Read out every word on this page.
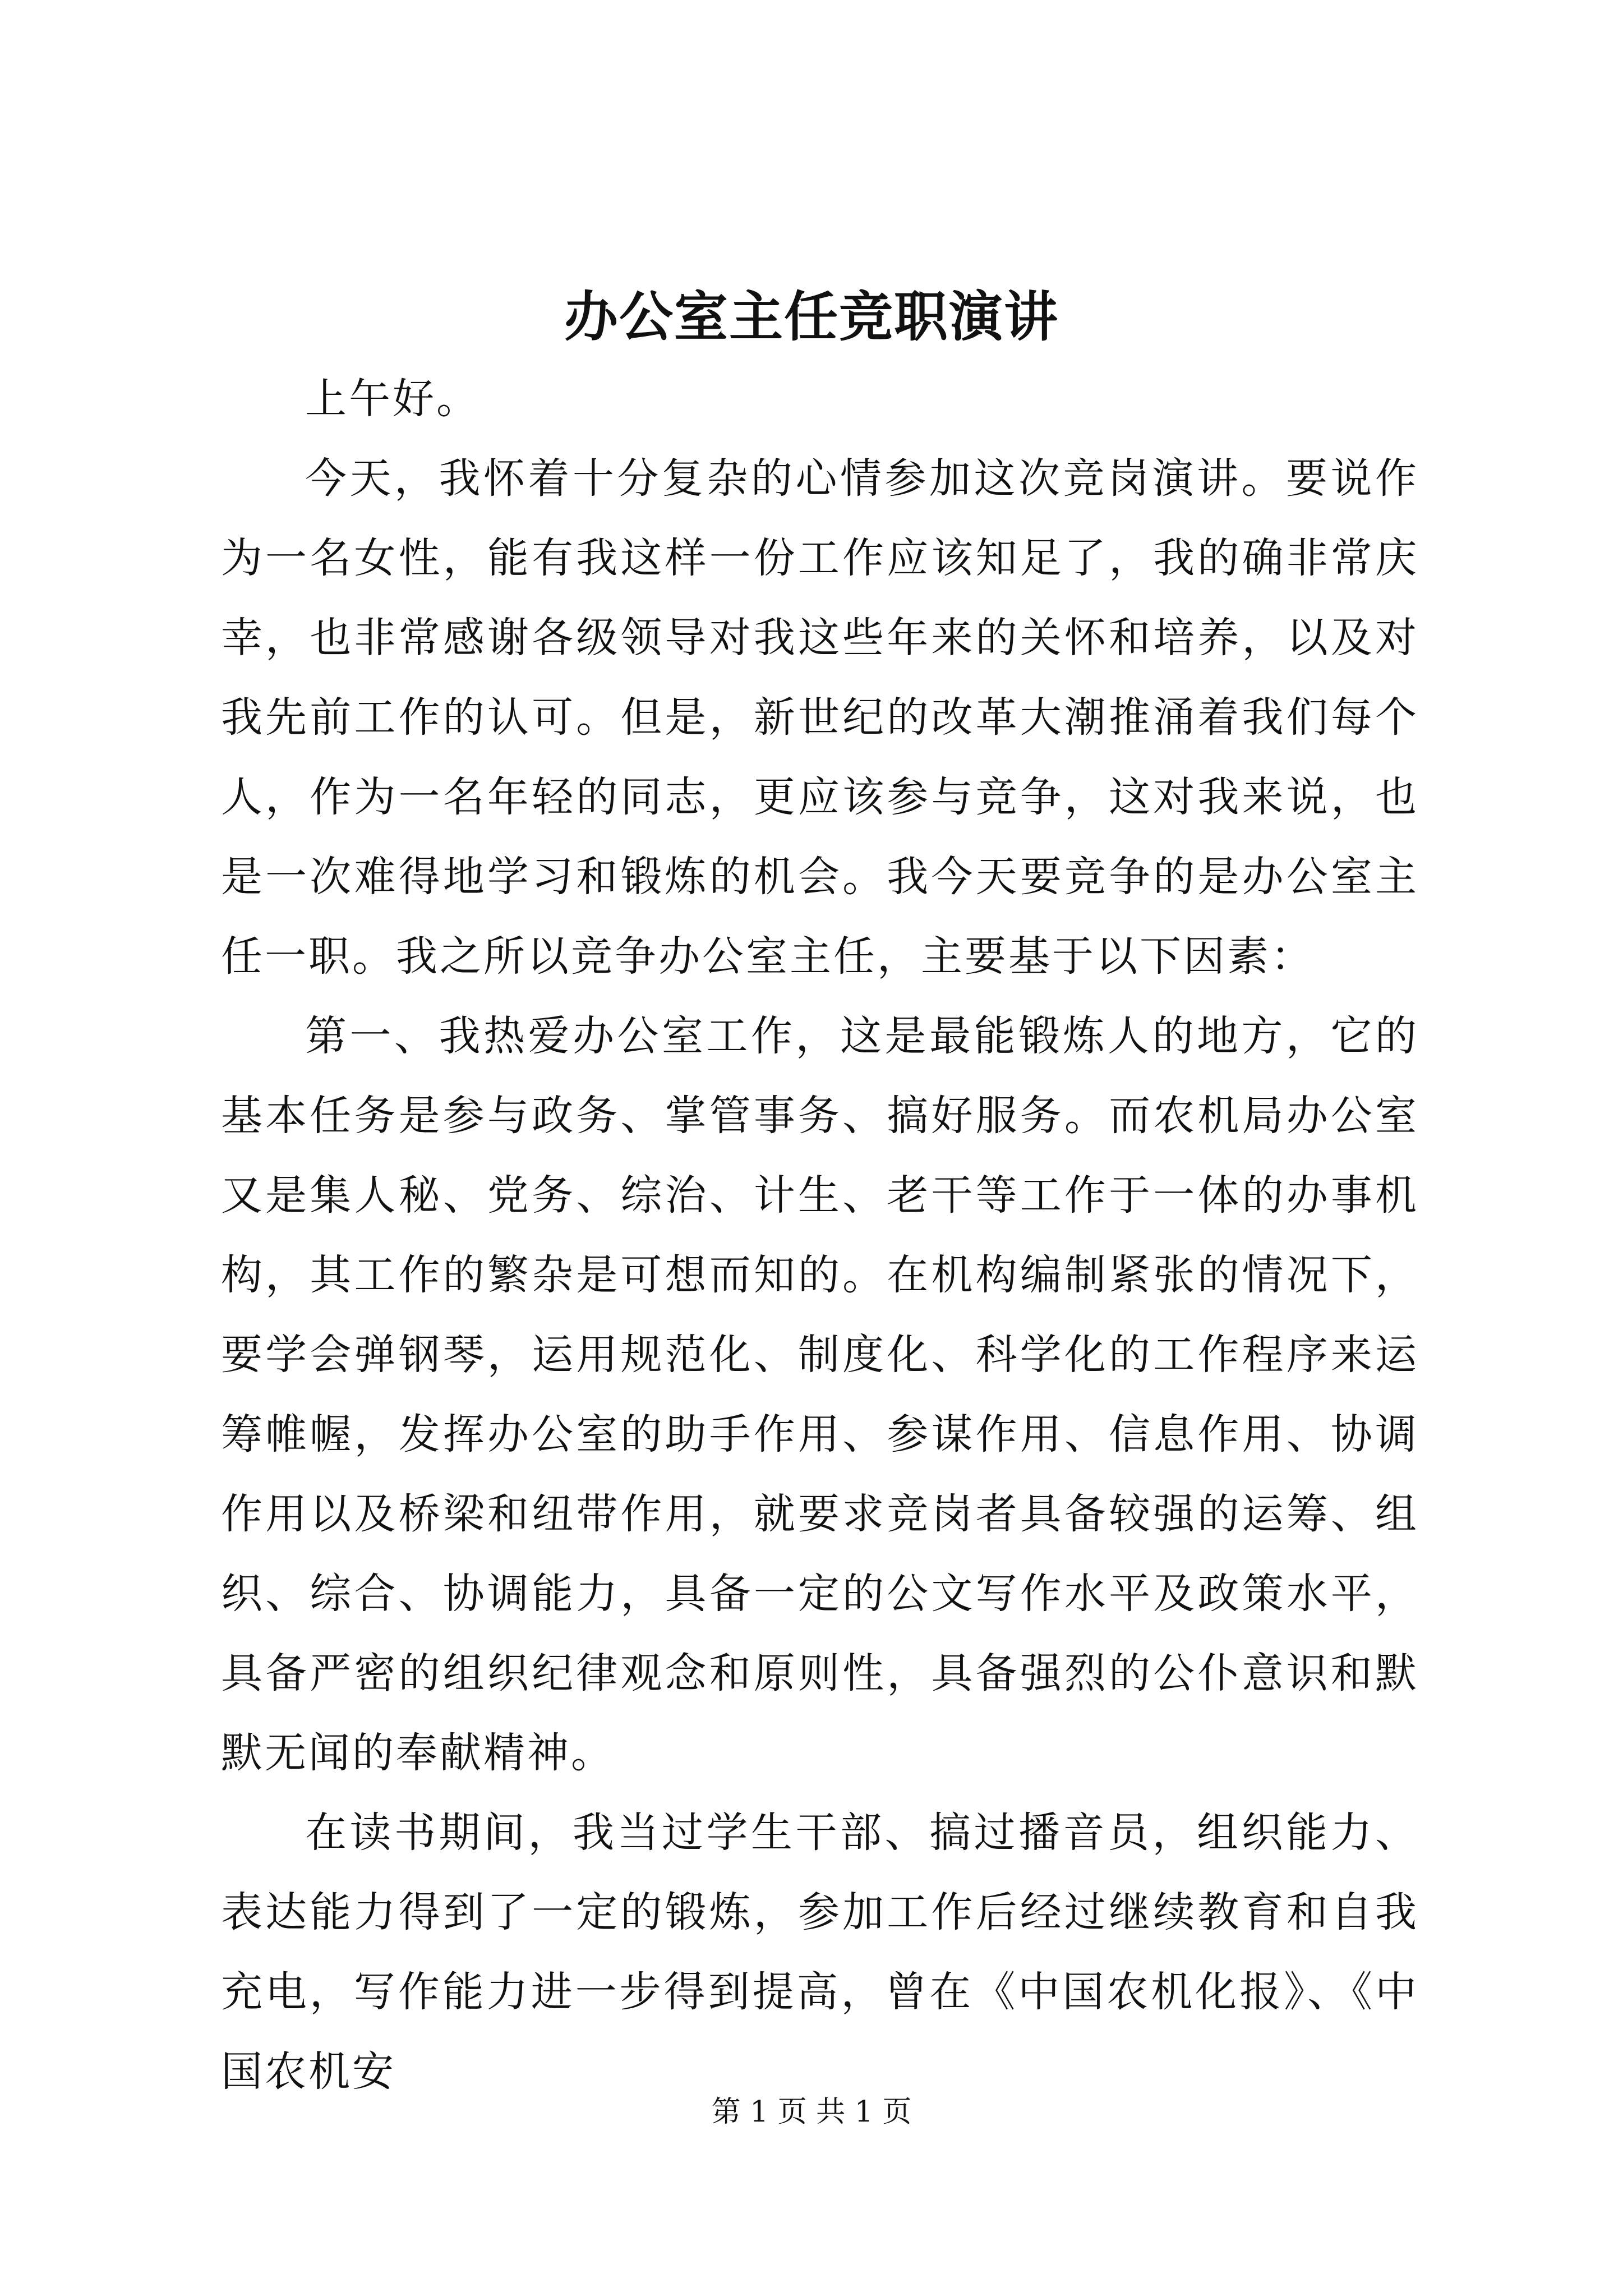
办公室主任竞职演讲

上午好。

今天，我怀着十分复杂的心情参加这次竞岗演讲。要说作为一名女性，能有我这样一份工作应该知足了，我的确非常庆幸，也非常感谢各级领导对我这些年来的关怀和培养，以及对我先前工作的认可。但是，新世纪的改革大潮推涌着我们每个人，作为一名年轻的同志，更应该参与竞争，这对我来说，也是一次难得地学习和锻炼的机会。我今天要竞争的是办公室主任一职。我之所以竞争办公室主任，主要基于以下因素：

第一、我热爱办公室工作，这是最能锻炼人的地方，它的基本任务是参与政务、掌管事务、搞好服务。而农机局办公室又是集人秘、党务、综治、计生、老干等工作于一体的办事机构，其工作的繁杂是可想而知的。在机构编制紧张的情况下，要学会弹钢琴，运用规范化、制度化、科学化的工作程序来运筹帷幄，发挥办公室的助手作用、参谋作用、信息作用、协调作用以及桥梁和纽带作用，就要求竞岗者具备较强的运筹、组织、综合、协调能力，具备一定的公文写作水平及政策水平，具备严密的组织纪律观念和原则性，具备强烈的公仆意识和默默无闻的奉献精神。

在读书期间，我当过学生干部、搞过播音员，组织能力、表达能力得到了一定的锻炼，参加工作后经过继续教育和自我充电，写作能力进一步得到提高，曾在《中国农机化报》、《中国农机安

第 1 页 共 1 页
